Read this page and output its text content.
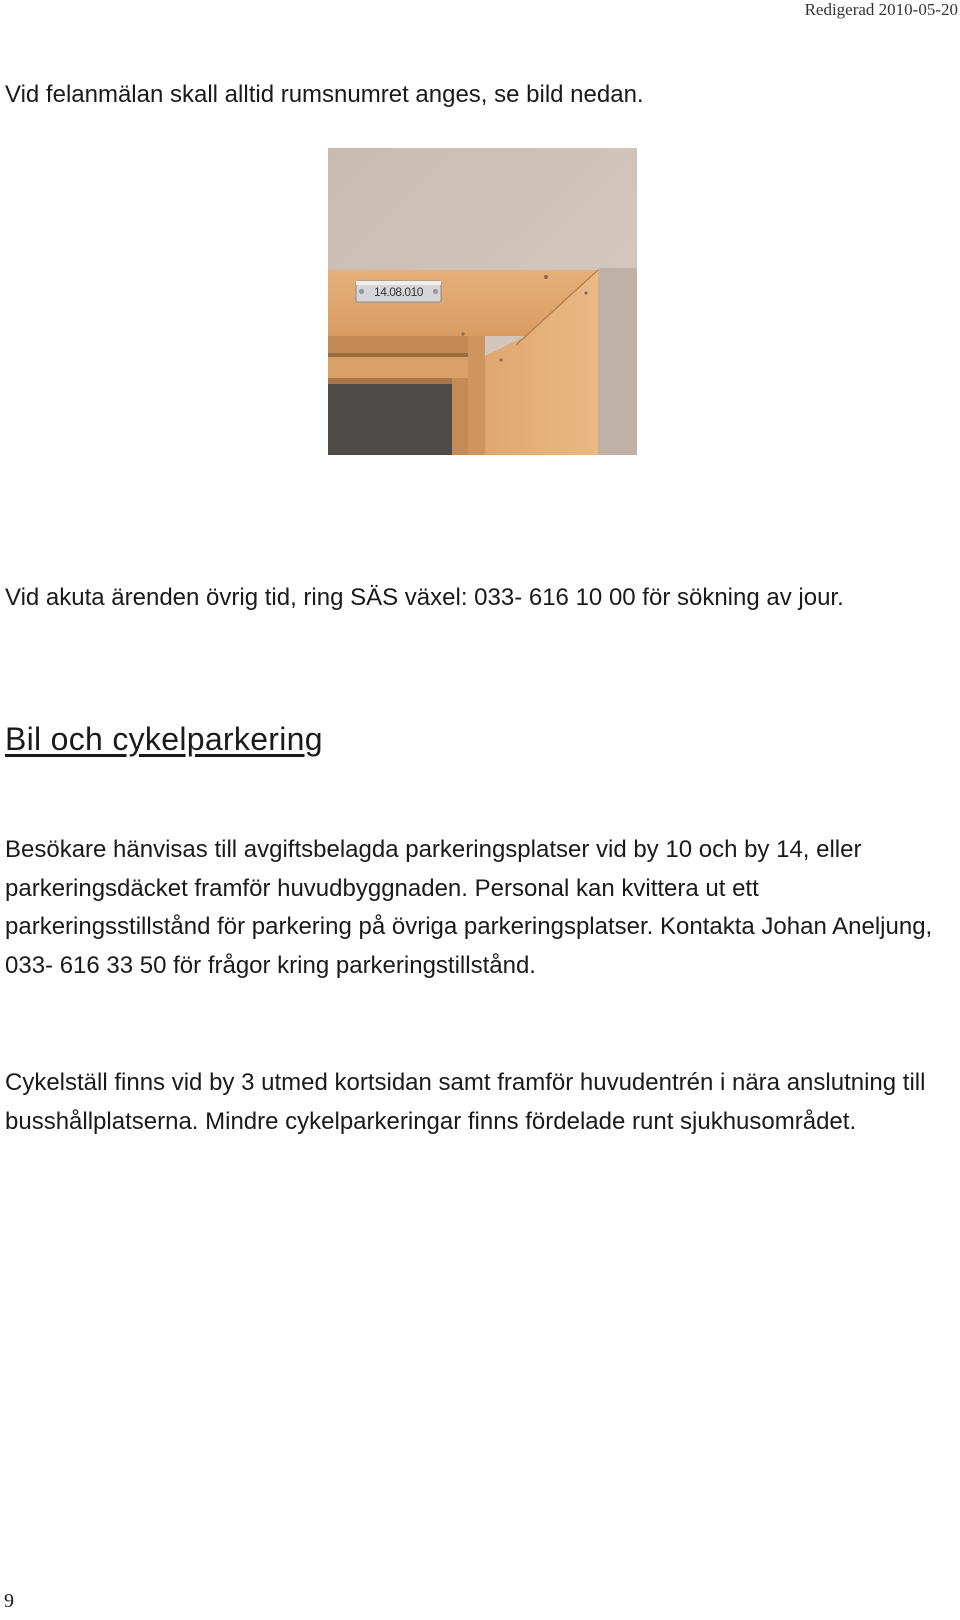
Redigerad 2010-05-20

Vid felanmälan skall alltid rumsnumret anges, se bild nedan.

14.08.010

Vid akuta ärenden övrig tid, ring SÄS växel: 033- 616 10 00 för sökning av jour.

Bil och cykelparkering

Besökare hänvisas till avgiftsbelagda parkeringsplatser vid by 10 och by 14, eller parkeringsdäcket framför huvudbyggnaden. Personal kan kvittera ut ett parkeringsstillstånd för parkering på övriga parkeringsplatser. Kontakta Johan Aneljung, 033- 616 33 50 för frågor kring parkeringstillstånd.

Cykelställ finns vid by 3 utmed kortsidan samt framför huvudentrén i nära anslutning till busshållplatserna. Mindre cykelparkeringar finns fördelade runt sjukhusområdet.

9
